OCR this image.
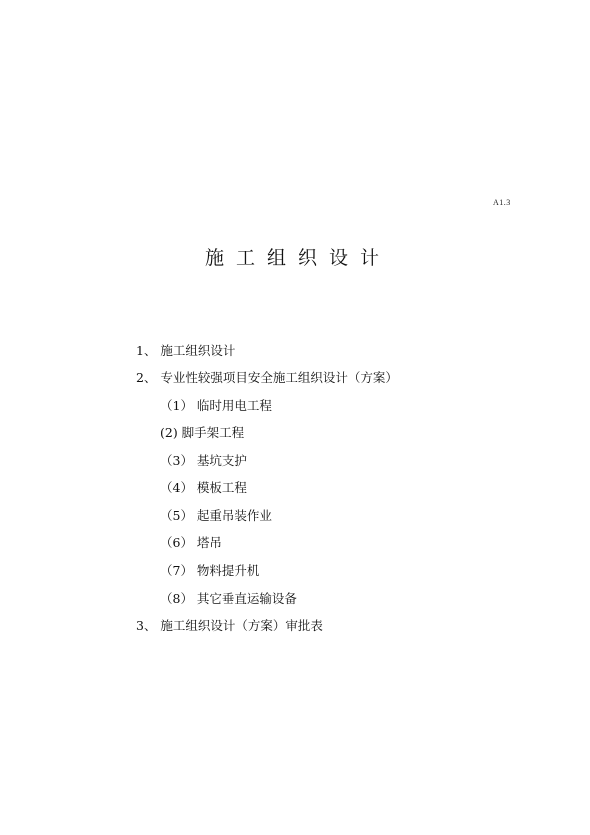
A1.3
施工组织设计
1、 施工组织设计
2、 专业性较强项目安全施工组织设计（方案）
（1） 临时用电工程
(2) 脚手架工程
（3） 基坑支护
（4） 模板工程
（5） 起重吊装作业
（6） 塔吊
（7） 物料提升机
（8） 其它垂直运输设备
3、 施工组织设计（方案）审批表
